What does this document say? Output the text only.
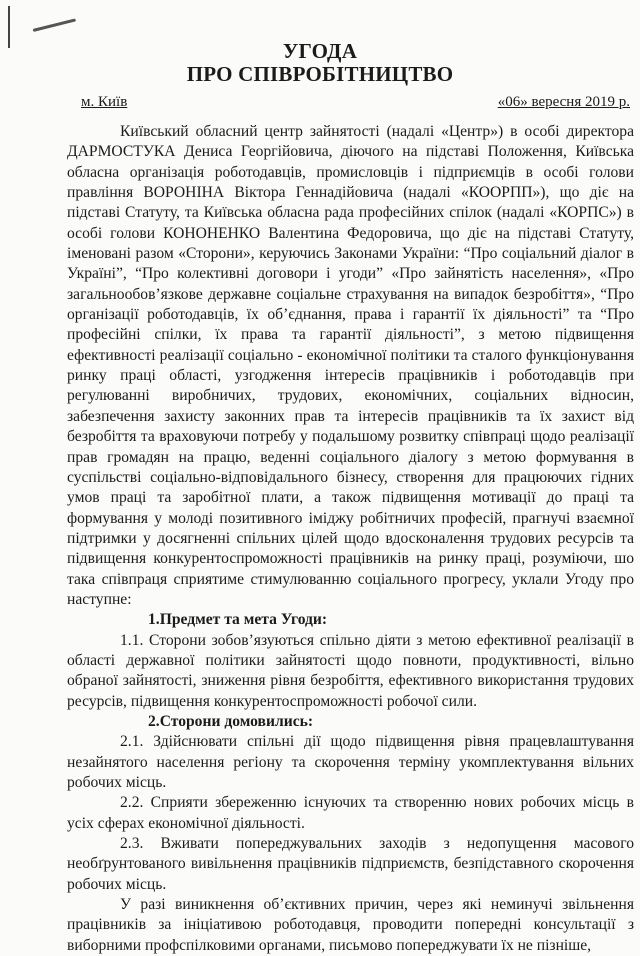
УГОДА
ПРО СПІВРОБІТНИЦТВО
м. Київ	«06» вересня 2019 р.

Київський обласний центр зайнятості (надалі «Центр») в особі директора ДАРМОСТУКА Дениса Георгійовича, діючого на підставі Положення, Київська обласна організація роботодавців, промисловців і підприємців в особі голови правління ВОРОНІНА Віктора Геннадійовича (надалі «КООРПП»), що діє на підставі Статуту, та Київська обласна рада професійних спілок (надалі «КОРПС») в особі голови КОНОНЕНКО Валентина Федоровича, що діє на підставі Статуту, іменовані разом «Сторони», керуючись Законами України: “Про соціальний діалог в Україні”, “Про колективні договори і угоди” «Про зайнятість населення», «Про загальнообов’язкове державне соціальне страхування на випадок безробіття», “Про організації роботодавців, їх об’єднання, права і гарантії їх діяльності” та “Про професійні спілки, їх права та гарантії діяльності”, з метою підвищення ефективності реалізації соціально - економічної політики та сталого функціонування ринку праці області, узгодження інтересів працівників і роботодавців при регулюванні виробничих, трудових, економічних, соціальних відносин, забезпечення захисту законних прав та інтересів працівників та їх захист від безробіття та враховуючи потребу у подальшому розвитку співпраці щодо реалізації прав громадян на працю, веденні соціального діалогу з метою формування в суспільстві соціально-відповідального бізнесу, створення для працюючих гідних умов праці та заробітної плати, а також підвищення мотивації до праці та формування у молоді позитивного іміджу робітничих професій, прагнучі взаємної підтримки у досягненні спільних цілей щодо вдосконалення трудових ресурсів та підвищення конкурентоспроможності працівників на ринку праці, розуміючи, шо така співпраця сприятиме стимулюванню соціального прогресу, уклали Угоду про наступне:

1.Предмет та мета Угоди:

1.1. Сторони зобов’язуються спільно діяти з метою ефективної реалізації в області державної політики зайнятості щодо повноти, продуктивності, вільно обраної зайнятості, зниження рівня безробіття, ефективного використання трудових ресурсів, підвищення конкурентоспроможності робочої сили.

2.Сторони домовились:

2.1. Здійснювати спільні дії щодо підвищення рівня працевлаштування незайнятого населення регіону та скорочення терміну укомплектування вільних робочих місць.

2.2. Сприяти збереженню існуючих та створенню нових робочих місць в усіх сферах економічної діяльності.

2.3. Вживати попереджувальних заходів з недопущення масового необґрунтованого вивільнення працівників підприємств, безпідставного скорочення робочих місць.

У разі виникнення об’єктивних причин, через які неминучі звільнення працівників за ініціативою роботодавця, проводити попередні консультації з виборними профспілковими органами, письмово попереджувати їх не пізніше,
